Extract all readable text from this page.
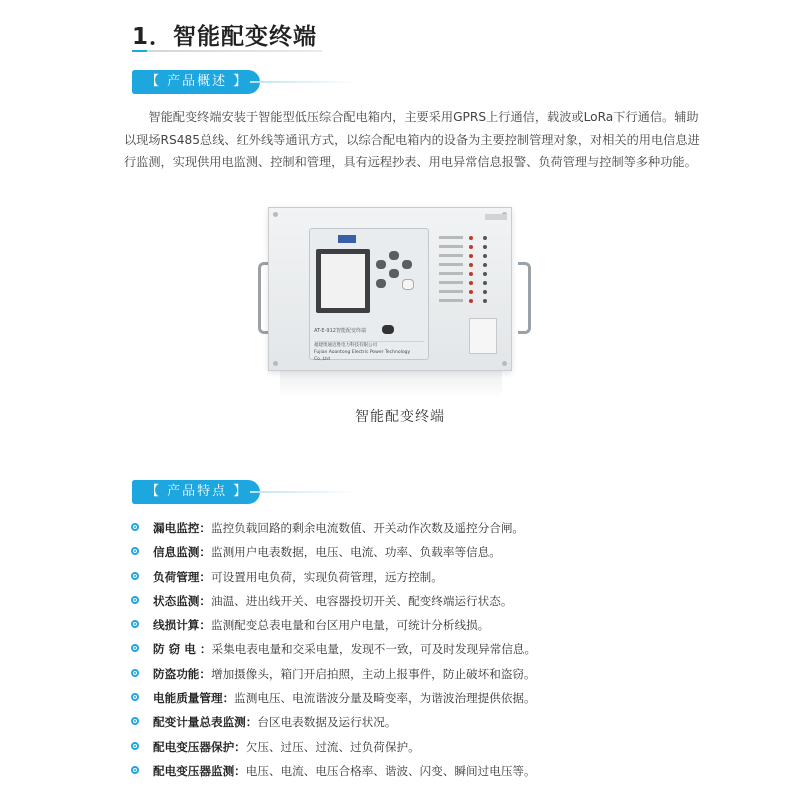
1．智能配变终端
【 产品概述 】

智能配变终端安装于智能型低压综合配电箱内，主要采用GPRS上行通信，载波或LoRa下行通信。辅助以现场RS485总线、红外线等通讯方式，以综合配电箱内的设备为主要控制管理对象，对相关的用电信息进行监测，实现供用电监测、控制和管理，具有远程抄表、用电异常信息报警、负荷管理与控制等多种功能。

AT-E-912智能配变终端
福建奥通迈胜电力科技有限公司
Fujian Aoantong Electric Power Technology Co.,Ltd
智能配变终端
【 产品特点 】
漏电监控：监控负载回路的剩余电流数值、开关动作次数及遥控分合闸。
信息监测：监测用户电表数据，电压、电流、功率、负载率等信息。
负荷管理：可设置用电负荷，实现负荷管理，远方控制。
状态监测：油温、进出线开关、电容器投切开关、配变终端运行状态。
线损计算：监测配变总表电量和台区用户电量，可统计分析线损。
防 窃 电 ：采集电表电量和交采电量，发现不一致，可及时发现异常信息。
防盗功能：增加摄像头，箱门开启拍照，主动上报事件，防止破坏和盗窃。
电能质量管理：监测电压、电流谐波分量及畸变率，为谐波治理提供依据。
配变计量总表监测：台区电表数据及运行状况。
配电变压器保护：欠压、过压、过流、过负荷保护。
配电变压器监测：电压、电流、电压合格率、谐波、闪变、瞬间过电压等。
